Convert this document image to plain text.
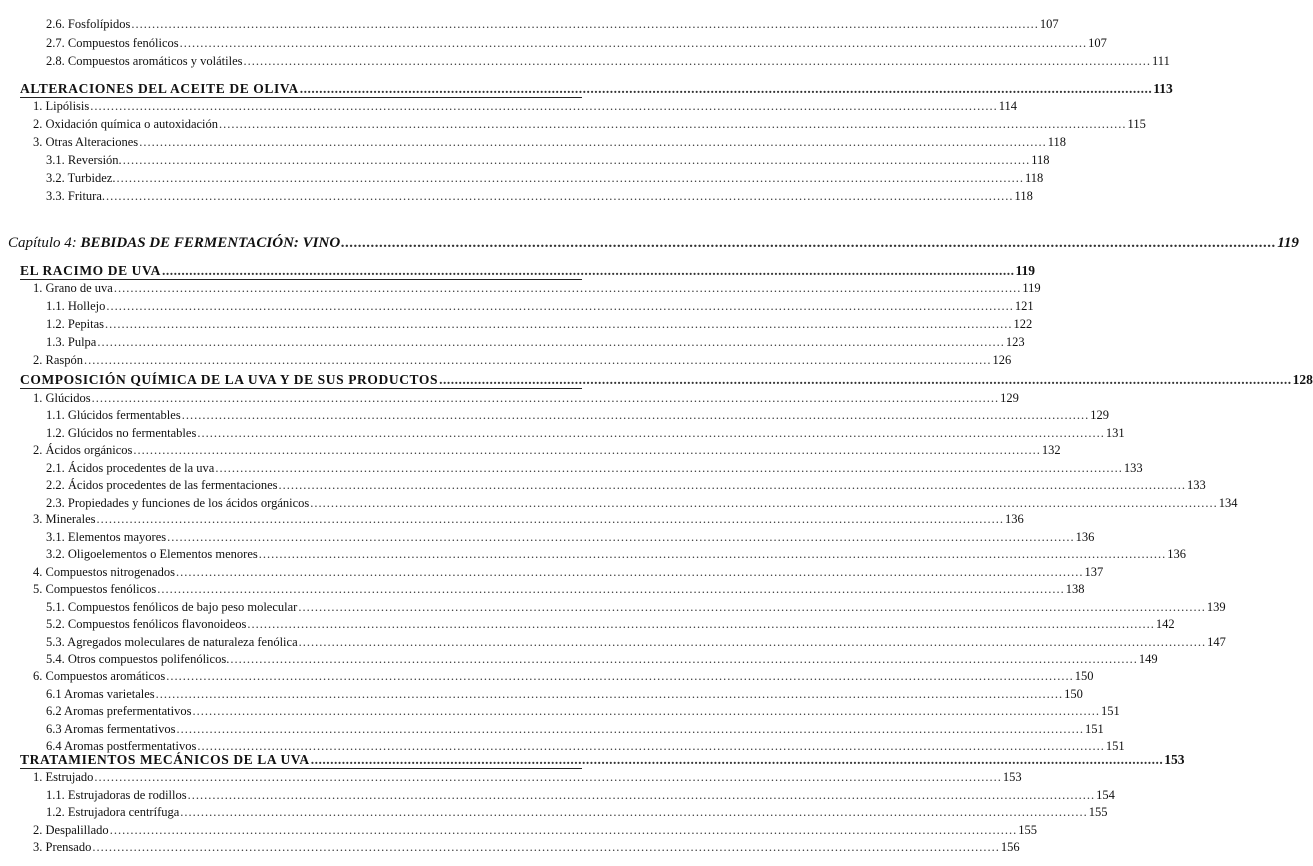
2.6. Fosfolípidos ............................................................................................................................................................................................................................ 107
2.7. Compuestos fenólicos ............................................................................................................................................................................................................................ 107
2.8. Compuestos aromáticos y volátiles ............................................................................................................................................................................................................................ 111
ALTERACIONES DEL ACEITE DE OLIVA ............................................................................................................................................................................................................................ 113
1. Lipólisis ............................................................................................................................................................................................................................ 114
2. Oxidación química o autoxidación ............................................................................................................................................................................................................................ 115
3. Otras Alteraciones ............................................................................................................................................................................................................................ 118
3.1. Reversión. ............................................................................................................................................................................................................................ 118
3.2. Turbidez. ............................................................................................................................................................................................................................ 118
3.3. Fritura. ............................................................................................................................................................................................................................ 118
Capítulo 4: BEBIDAS DE FERMENTACIÓN: VINO ............................................................................................................................................................................................................................ 119
EL RACIMO DE UVA ............................................................................................................................................................................................................................ 119
1. Grano de uva ............................................................................................................................................................................................................................ 119
1.1. Hollejo ............................................................................................................................................................................................................................ 121
1.2. Pepitas ............................................................................................................................................................................................................................ 122
1.3. Pulpa ............................................................................................................................................................................................................................ 123
2. Raspón ............................................................................................................................................................................................................................ 126
COMPOSICIÓN QUÍMICA DE LA UVA Y DE SUS PRODUCTOS ............................................................................................................................................................................................................................ 128
1. Glúcidos ............................................................................................................................................................................................................................ 129
1.1. Glúcidos fermentables ............................................................................................................................................................................................................................ 129
1.2. Glúcidos no fermentables ............................................................................................................................................................................................................................ 131
2. Ácidos orgánicos ............................................................................................................................................................................................................................ 132
2.1. Ácidos procedentes de la uva ............................................................................................................................................................................................................................ 133
2.2. Ácidos procedentes de las fermentaciones ............................................................................................................................................................................................................................ 133
2.3. Propiedades y funciones de los ácidos orgánicos ............................................................................................................................................................................................................................ 134
3. Minerales ............................................................................................................................................................................................................................ 136
3.1. Elementos mayores ............................................................................................................................................................................................................................ 136
3.2. Oligoelementos o Elementos menores ............................................................................................................................................................................................................................ 136
4. Compuestos nitrogenados ............................................................................................................................................................................................................................ 137
5. Compuestos fenólicos ............................................................................................................................................................................................................................ 138
5.1. Compuestos fenólicos de bajo peso molecular ............................................................................................................................................................................................................................ 139
5.2. Compuestos fenólicos flavonoideos ............................................................................................................................................................................................................................ 142
5.3. Agregados moleculares de naturaleza fenólica ............................................................................................................................................................................................................................ 147
5.4. Otros compuestos polifenólicos. ............................................................................................................................................................................................................................ 149
6. Compuestos aromáticos ............................................................................................................................................................................................................................ 150
6.1 Aromas varietales ............................................................................................................................................................................................................................ 150
6.2 Aromas prefermentativos ............................................................................................................................................................................................................................ 151
6.3 Aromas fermentativos ............................................................................................................................................................................................................................ 151
6.4 Aromas postfermentativos ............................................................................................................................................................................................................................ 151
TRATAMIENTOS MECÁNICOS DE LA UVA ............................................................................................................................................................................................................................ 153
1. Estrujado ............................................................................................................................................................................................................................ 153
1.1. Estrujadoras de rodillos ............................................................................................................................................................................................................................ 154
1.2. Estrujadora centrífuga ............................................................................................................................................................................................................................ 155
2. Despalillado ............................................................................................................................................................................................................................ 155
3. Prensado ............................................................................................................................................................................................................................ 156
